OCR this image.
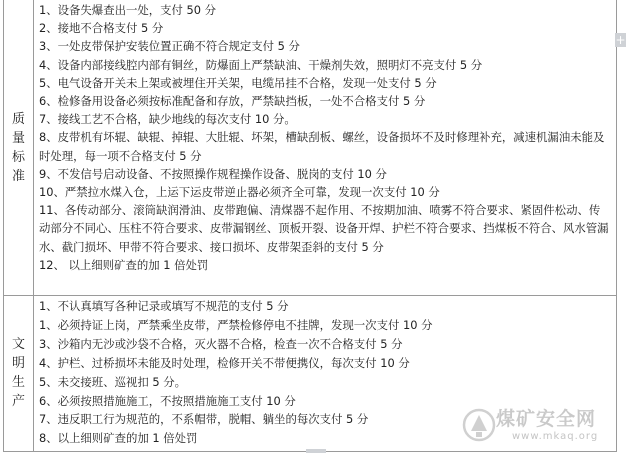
质
量
标
准
1、设备失爆查出一处，支付 50 分
2、接地不合格支付 5 分
3、一处皮带保护安装位置正确不符合规定支付 5 分
4、设备内部接线腔内部有铜丝，防爆面上严禁缺油、干燥剂失效，照明灯不亮支付 5 分
5、电气设备开关未上架或被埋住开关架，电缆吊挂不合格，发现一处支付 5 分
6、检修备用设备必须按标准配备和存放，严禁缺挡板，一处不合格支付 5 分
7、接线工艺不合格，缺少地线的每次支付 10 分。
8、皮带机有坏辊、缺辊、掉辊、大肚辊、坏架，槽缺刮板、螺丝，设备损坏不及时修理补充，减速机漏油未能及时处理，每一项不合格支付 5 分
9、不发信号启动设备、不按照操作规程操作设备、脱岗的支付 10 分
10、严禁拉水煤入仓，上运下运皮带逆止器必须齐全可靠，发现一次支付 10 分
11、各传动部分、滚筒缺润滑油、皮带跑偏、清煤器不起作用、不按期加油、喷雾不符合要求、紧固件松动、传动部分不同心、压柱不符合要求、皮带漏钢丝、顶板开裂、设备开焊、护栏不符合要求、挡煤板不符合、风水管漏水、截门损坏、甲带不符合要求、接口损坏、皮带架歪斜的支付 5 分
12、 以上细则矿查的加 1 倍处罚
文
明
生
产
1、不认真填写各种记录或填写不规范的支付 5 分
1、必须持证上岗，严禁乘坐皮带，严禁检修停电不挂牌，发现一次支付 10 分
3、沙箱内无沙或沙袋不合格，灭火器不合格，检查一次不合格支付 5 分
4、护栏、过桥损坏未能及时处理，检修开关不带便携仪，每次支付 10 分
5、未交接班、巡视扣 5 分。
6、必须按照措施施工，不按照措施施工支付 10 分
7、违反职工行为规范的，不系帽带，脱帽、躺坐的每次支付 5 分
8、以上细则矿查的加 1 倍处罚
+
煤矿安全网
www.mkaq.org
